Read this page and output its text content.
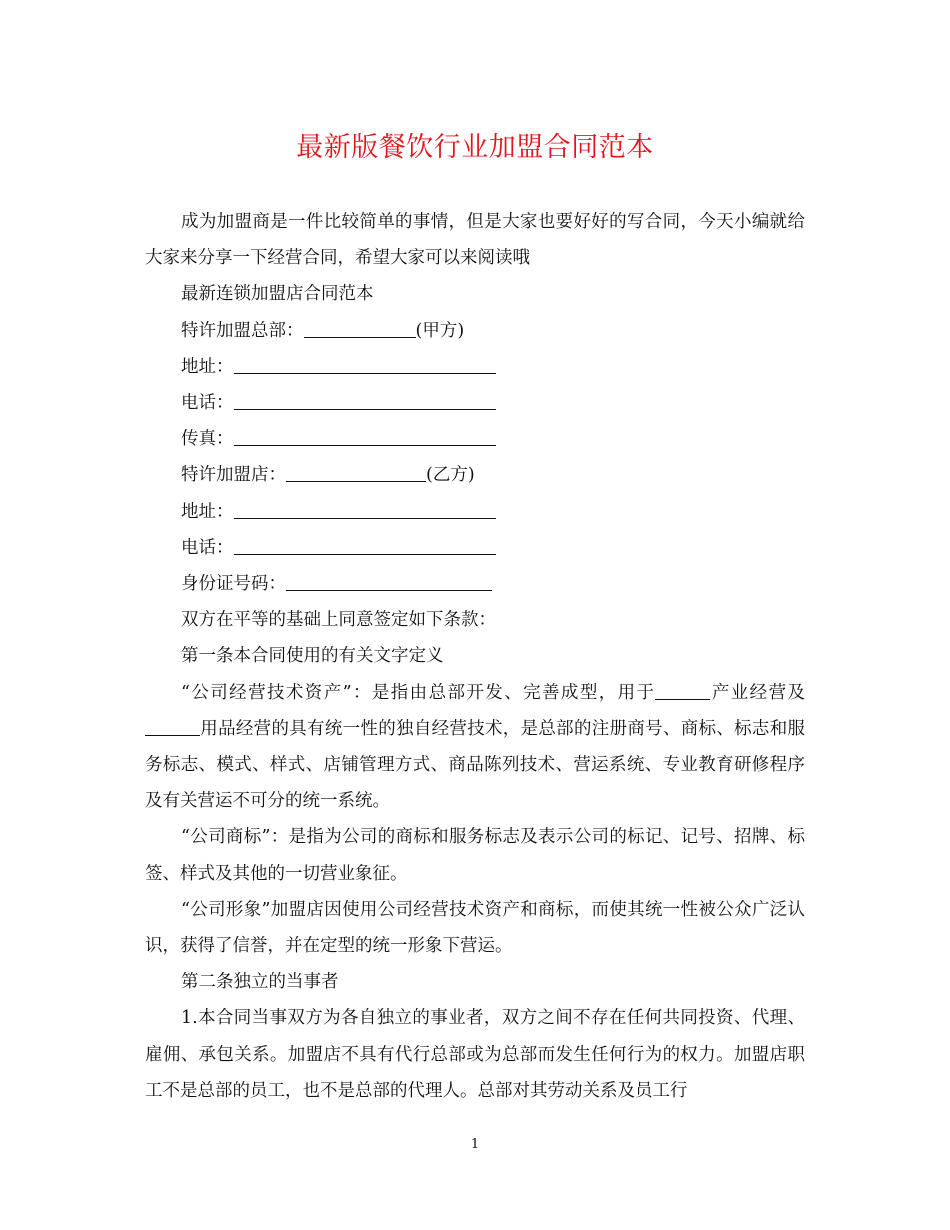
最新版餐饮行业加盟合同范本

成为加盟商是一件比较简单的事情，但是大家也要好好的写合同，今天小编就给大家来分享一下经营合同，希望大家可以来阅读哦

最新连锁加盟店合同范本

特许加盟总部：	(甲方)

地址：

电话：

传真：

特许加盟店：	(乙方)

地址：

电话：

身份证号码：

双方在平等的基础上同意签定如下条款：

第一条本合同使用的有关文字定义

“公司经营技术资产”：是指由总部开发、完善成型，用于	产业经营及用品经营的具有统一性的独自经营技术，是总部的注册商号、商标、标志和服务标志、模式、样式、店铺管理方式、商品陈列技术、营运系统、专业教育研修程序及有关营运不可分的统一系统。

“公司商标”：是指为公司的商标和服务标志及表示公司的标记、记号、招牌、标签、样式及其他的一切营业象征。

“公司形象”加盟店因使用公司经营技术资产和商标，而使其统一性被公众广泛认识，获得了信誉，并在定型的统一形象下营运。

第二条独立的当事者

1.本合同当事双方为各自独立的事业者，双方之间不存在任何共同投资、代理、雇佣、承包关系。加盟店不具有代行总部或为总部而发生任何行为的权力。加盟店职工不是总部的员工，也不是总部的代理人。总部对其劳动关系及员工行

1
